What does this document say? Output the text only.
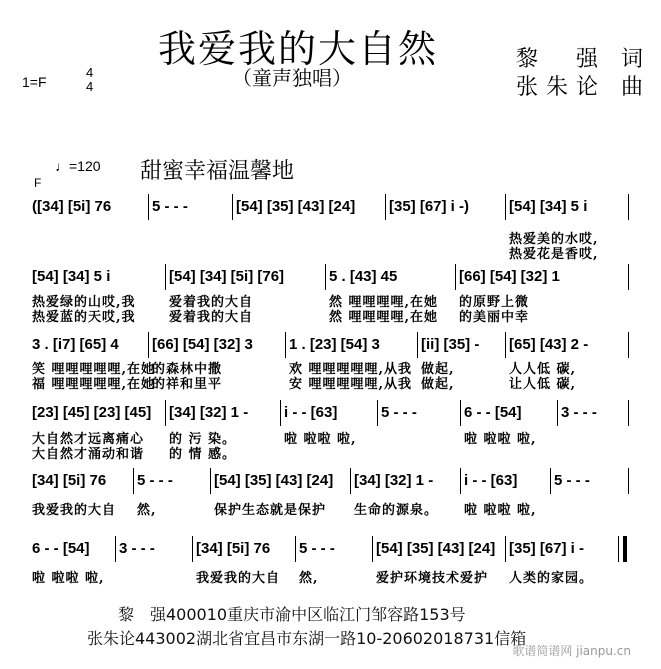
我爱我的大自然
（童声独唱）
黎　强 词
张朱论 曲
1=F
4
4
♩=120 甜蜜幸福温馨地
F
([34] [5i] 76	5 - - -	[54] [35] [43] [24]	[35] [67] i -)	[54] [34] 5 i
热爱美的水哎,
热爱花是香哎,
[54] [34] 5 i
热爱绿的山哎,我
热爱蓝的天哎,我
[54] [34] [5i] [76]
爱着我的大自
爱着我的大自
5 . [43] 45
然 哩哩哩哩,在她
然 哩哩哩哩,在她
[66] [54] [32] 1
的原野上微
的美丽中幸
3 . [i7] [65] 4
笑 哩哩哩哩哩,在她
福 哩哩哩哩哩,在她
[66] [54] [32] 3
的森林中撒
的祥和里平
1 . [23] [54] 3
欢 哩哩哩哩哩,从我
安 哩哩哩哩哩,从我
[ii] [35] -
做起,
做起,
[65] [43] 2 -
人人低 碳,
让人低 碳,
[23] [45] [23] [45]
大自然才远离痛心
大自然才涌动和谐
[34] [32] 1 -
的 污 染。
的 情 感。
i - - [63]
啦 啦啦 啦,
5 - - -	6 - - [54]
啦 啦啦 啦,
3 - - -
[34] [5i] 76
我爱我的大自
5 - - -
然,
[54] [35] [43] [24]
保护生态就是保护
[34] [32] 1 -
生命的源泉。
i - - [63]
啦 啦啦 啦,
5 - - -
6 - - [54]
啦 啦啦 啦,
3 - - -	[34] [5i] 76
我爱我的大自
5 - - -
然,
[54] [35] [43] [24]
爱护环境技术爱护
[35] [67] i -
人类的家园。
黎　强400010重庆市渝中区临江门邹容路153号
张朱论443002湖北省宜昌市东湖一路10-20602018731信箱
歌谱简谱网 jianpu.cn
